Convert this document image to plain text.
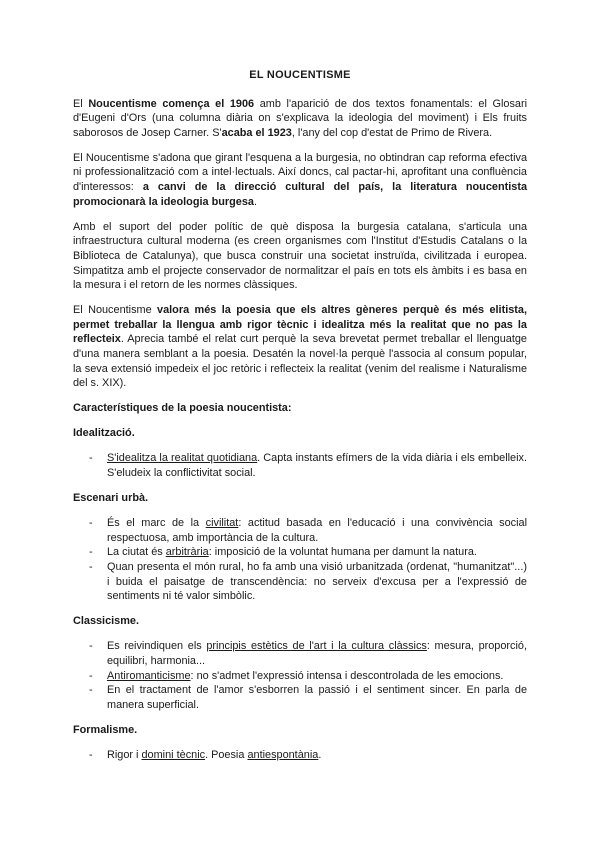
EL NOUCENTISME

El Noucentisme comença el 1906 amb l'aparició de dos textos fonamentals: el Glosari d'Eugeni d'Ors (una columna diària on s'explicava la ideologia del moviment) i Els fruits saborosos de Josep Carner. S'acaba el 1923, l'any del cop d'estat de Primo de Rivera.

El Noucentisme s'adona que girant l'esquena a la burgesia, no obtindran cap reforma efectiva ni professionalització com a intel·lectuals. Així doncs, cal pactar-hi, aprofitant una confluència d'interessos: a canvi de la direcció cultural del país, la literatura noucentista promocionarà la ideologia burgesa.

Amb el suport del poder polític de què disposa la burgesia catalana, s'articula una infraestructura cultural moderna (es creen organismes com l'Institut d'Estudis Catalans o la Biblioteca de Catalunya), que busca construir una societat instruïda, civilitzada i europea. Simpatitza amb el projecte conservador de normalitzar el país en tots els àmbits i es basa en la mesura i el retorn de les normes clàssiques.

El Noucentisme valora més la poesia que els altres gèneres perquè és més elitista, permet treballar la llengua amb rigor tècnic i idealitza més la realitat que no pas la reflecteix. Aprecia també el relat curt perquè la seva brevetat permet treballar el llenguatge d'una manera semblant a la poesia. Desatén la novel·la perquè l'associa al consum popular, la seva extensió impedeix el joc retòric i reflecteix la realitat (venim del realisme i Naturalisme del s. XIX).

Característiques de la poesia noucentista:
Idealització.
- S'idealitza la realitat quotidiana. Capta instants efímers de la vida diària i els embelleix. S'eludeix la conflictivitat social.
Escenari urbà.
- És el marc de la civilitat: actitud basada en l'educació i una convivència social respectuosa, amb importància de la cultura.
- La ciutat és arbitrària: imposició de la voluntat humana per damunt la natura.
- Quan presenta el món rural, ho fa amb una visió urbanitzada (ordenat, "humanitzat"...) i buida el paisatge de transcendència: no serveix d'excusa per a l'expressió de sentiments ni té valor simbòlic.
Classicisme.
- Es reivindiquen els principis estètics de l'art i la cultura clàssics: mesura, proporció, equilibri, harmonia...
- Antiromanticisme: no s'admet l'expressió intensa i descontrolada de les emocions.
- En el tractament de l'amor s'esborren la passió i el sentiment sincer. En parla de manera superficial.
Formalisme.
- Rigor i domini tècnic. Poesia antiespontània.
